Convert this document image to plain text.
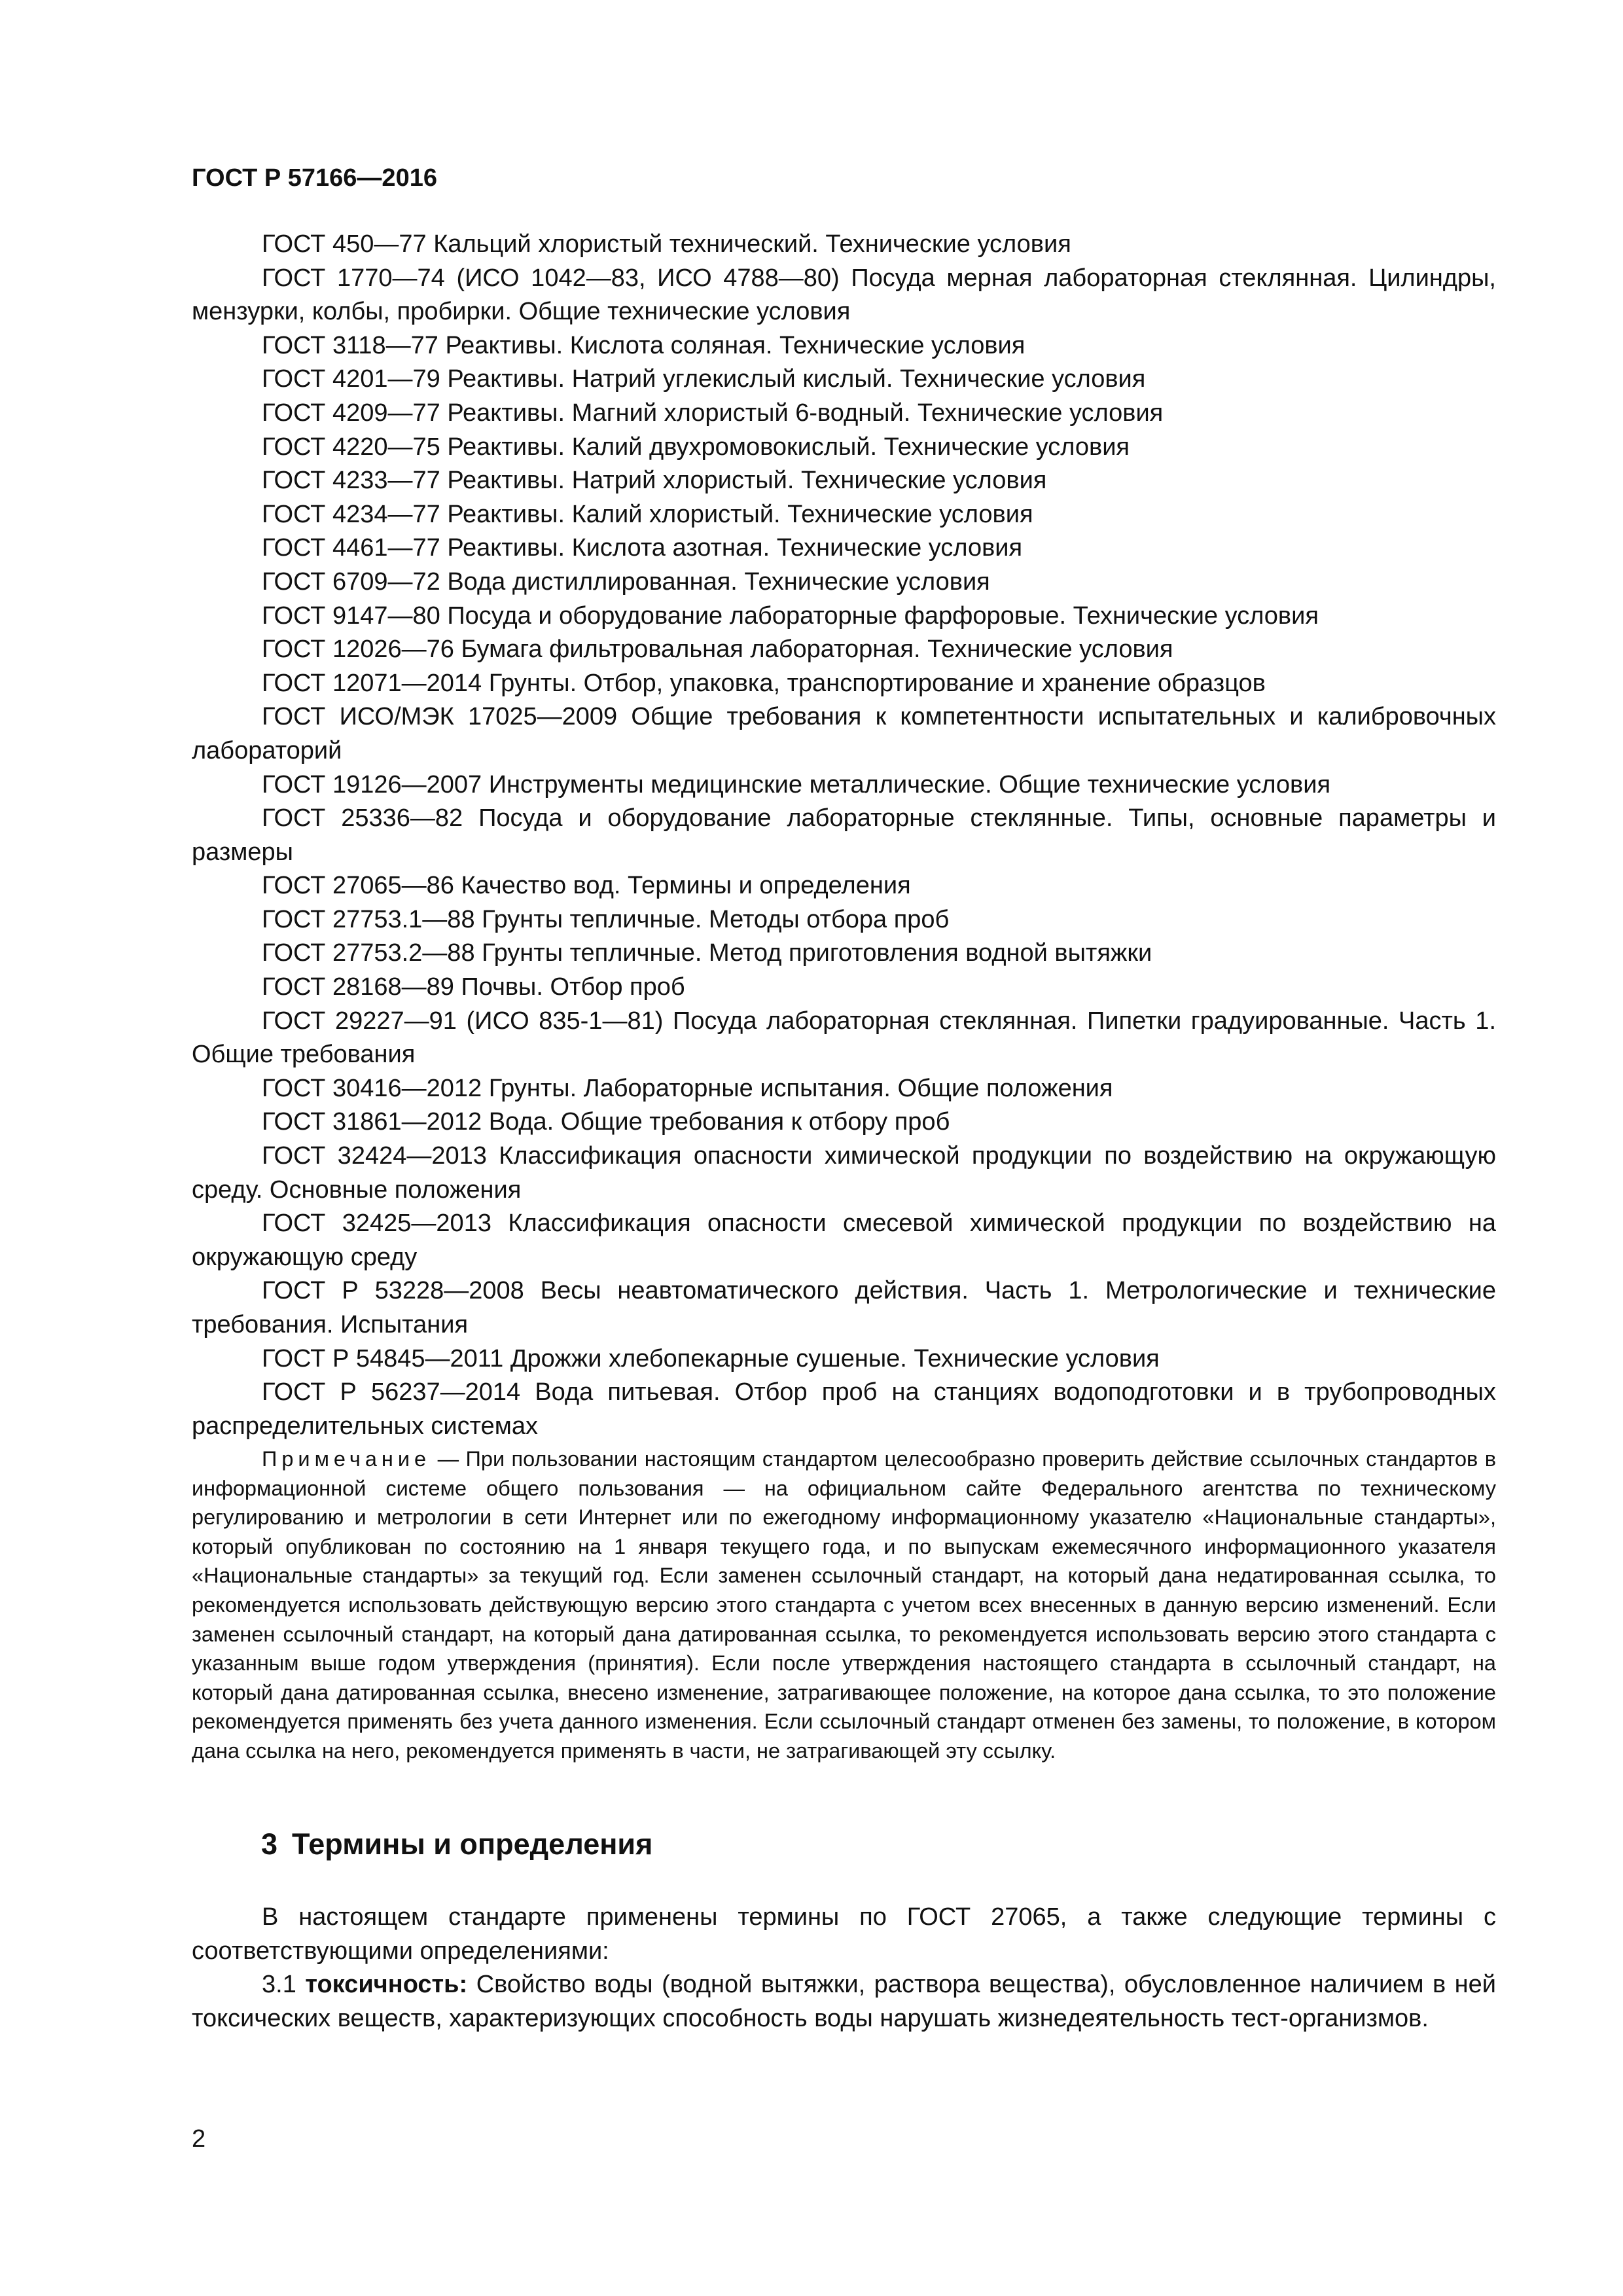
ГОСТ Р 57166—2016

ГОСТ 450—77 Кальций хлористый технический. Технические условия

ГОСТ 1770—74 (ИСО 1042—83, ИСО 4788—80) Посуда мерная лабораторная стеклянная. Цилиндры, мензурки, колбы, пробирки. Общие технические условия

ГОСТ 3118—77 Реактивы. Кислота соляная. Технические условия

ГОСТ 4201—79 Реактивы. Натрий углекислый кислый. Технические условия

ГОСТ 4209—77 Реактивы. Магний хлористый 6-водный. Технические условия

ГОСТ 4220—75 Реактивы. Калий двухромовокислый. Технические условия

ГОСТ 4233—77 Реактивы. Натрий хлористый. Технические условия

ГОСТ 4234—77 Реактивы. Калий хлористый. Технические условия

ГОСТ 4461—77 Реактивы. Кислота азотная. Технические условия

ГОСТ 6709—72 Вода дистиллированная. Технические условия

ГОСТ 9147—80 Посуда и оборудование лабораторные фарфоровые. Технические условия

ГОСТ 12026—76 Бумага фильтровальная лабораторная. Технические условия

ГОСТ 12071—2014 Грунты. Отбор, упаковка, транспортирование и хранение образцов

ГОСТ ИСО/МЭК 17025—2009 Общие требования к компетентности испытательных и калибровочных лабораторий

ГОСТ 19126—2007 Инструменты медицинские металлические. Общие технические условия

ГОСТ 25336—82 Посуда и оборудование лабораторные стеклянные. Типы, основные параметры и размеры

ГОСТ 27065—86 Качество вод. Термины и определения

ГОСТ 27753.1—88 Грунты тепличные. Методы отбора проб

ГОСТ 27753.2—88 Грунты тепличные. Метод приготовления водной вытяжки

ГОСТ 28168—89 Почвы. Отбор проб

ГОСТ 29227—91 (ИСО 835-1—81) Посуда лабораторная стеклянная. Пипетки градуированные. Часть 1. Общие требования

ГОСТ 30416—2012 Грунты. Лабораторные испытания. Общие положения

ГОСТ 31861—2012 Вода. Общие требования к отбору проб

ГОСТ 32424—2013 Классификация опасности химической продукции по воздействию на окружающую среду. Основные положения

ГОСТ 32425—2013 Классификация опасности смесевой химической продукции по воздействию на окружающую среду

ГОСТ Р 53228—2008 Весы неавтоматического действия. Часть 1. Метрологические и технические требования. Испытания

ГОСТ Р 54845—2011 Дрожжи хлебопекарные сушеные. Технические условия

ГОСТ Р 56237—2014 Вода питьевая. Отбор проб на станциях водоподготовки и в трубопроводных распределительных системах

Примечание — При пользовании настоящим стандартом целесообразно проверить действие ссылочных стандартов в информационной системе общего пользования — на официальном сайте Федерального агентства по техническому регулированию и метрологии в сети Интернет или по ежегодному информационному указателю «Национальные стандарты», который опубликован по состоянию на 1 января текущего года, и по выпускам ежемесячного информационного указателя «Национальные стандарты» за текущий год. Если заменен ссылочный стандарт, на который дана недатированная ссылка, то рекомендуется использовать действующую версию этого стандарта с учетом всех внесенных в данную версию изменений. Если заменен ссылочный стандарт, на который дана датированная ссылка, то рекомендуется использовать версию этого стандарта с указанным выше годом утверждения (принятия). Если после утверждения настоящего стандарта в ссылочный стандарт, на который дана датированная ссылка, внесено изменение, затрагивающее положение, на которое дана ссылка, то это положение рекомендуется применять без учета данного изменения. Если ссылочный стандарт отменен без замены, то положение, в котором дана ссылка на него, рекомендуется применять в части, не затрагивающей эту ссылку.

3 Термины и определения

В настоящем стандарте применены термины по ГОСТ 27065, а также следующие термины с соответствующими определениями:

3.1 токсичность: Свойство воды (водной вытяжки, раствора вещества), обусловленное наличием в ней токсических веществ, характеризующих способность воды нарушать жизнедеятельность тест-организмов.

2
